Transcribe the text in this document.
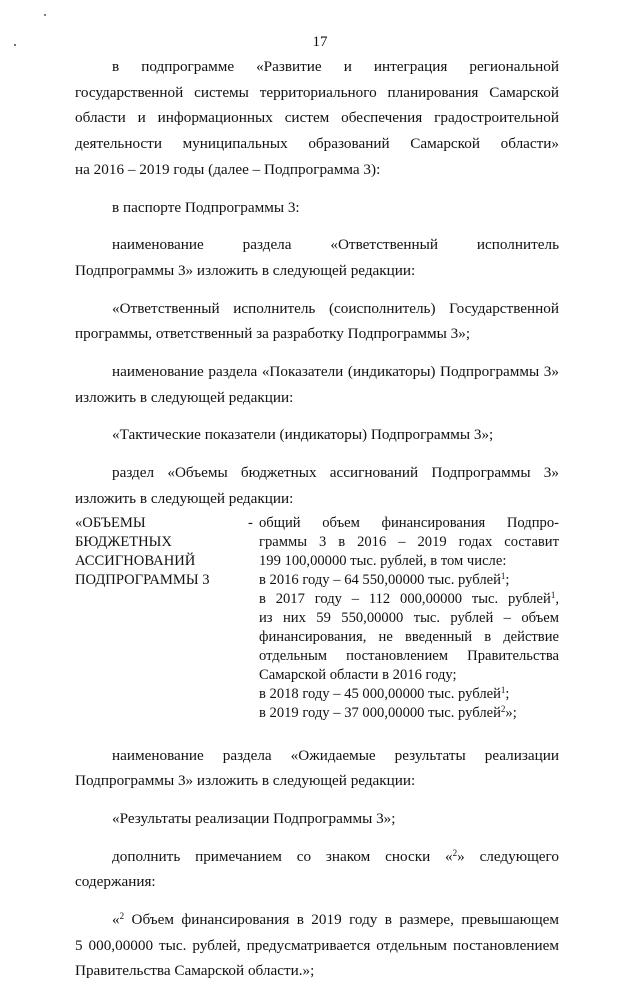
17

в подпрограмме «Развитие и интеграция региональной

государственной системы территориального планирования Самарской

области и информационных систем обеспечения градостроительной

деятельности муниципальных образований Самарской области»

на 2016 – 2019 годы (далее – Подпрограмма 3):

в паспорте Подпрограммы 3:

наименование раздела «Ответственный исполнитель

Подпрограммы 3» изложить в следующей редакции:

«Ответственный исполнитель (соисполнитель) Государственной

программы, ответственный за разработку Подпрограммы 3»;

наименование раздела «Показатели (индикаторы) Подпрограммы 3»

изложить в следующей редакции:

«Тактические показатели (индикаторы) Подпрограммы 3»;

раздел «Объемы бюджетных ассигнований Подпрограммы 3»

изложить в следующей редакции:

«ОБЪЕМЫ
БЮДЖЕТНЫХ
АССИГНОВАНИЙ
ПОДПРОГРАММЫ 3
- общий объем финансирования Подпро-

граммы 3 в 2016 – 2019 годах составит

199 100,00000 тыс. рублей, в том числе:

в 2016 году – 64 550,00000 тыс. рублей$^1$;

в 2017 году – 112 000,00000 тыс. рублей$^1$,

из них 59 550,00000 тыс. рублей – объем

финансирования, не введенный в действие

отдельным постановлением Правительства

Самарской области в 2016 году;

в 2018 году – 45 000,00000 тыс. рублей$^1$;

в 2019 году – 37 000,00000 тыс. рублей$^2$»;

наименование раздела «Ожидаемые результаты реализации

Подпрограммы 3» изложить в следующей редакции:

«Результаты реализации Подпрограммы 3»;

дополнить примечанием со знаком сноски «$^2$» следующего

содержания:

«$^2$ Объем финансирования в 2019 году в размере, превышающем

5 000,00000 тыс. рублей, предусматривается отдельным постановлением

Правительства Самарской области.»;
